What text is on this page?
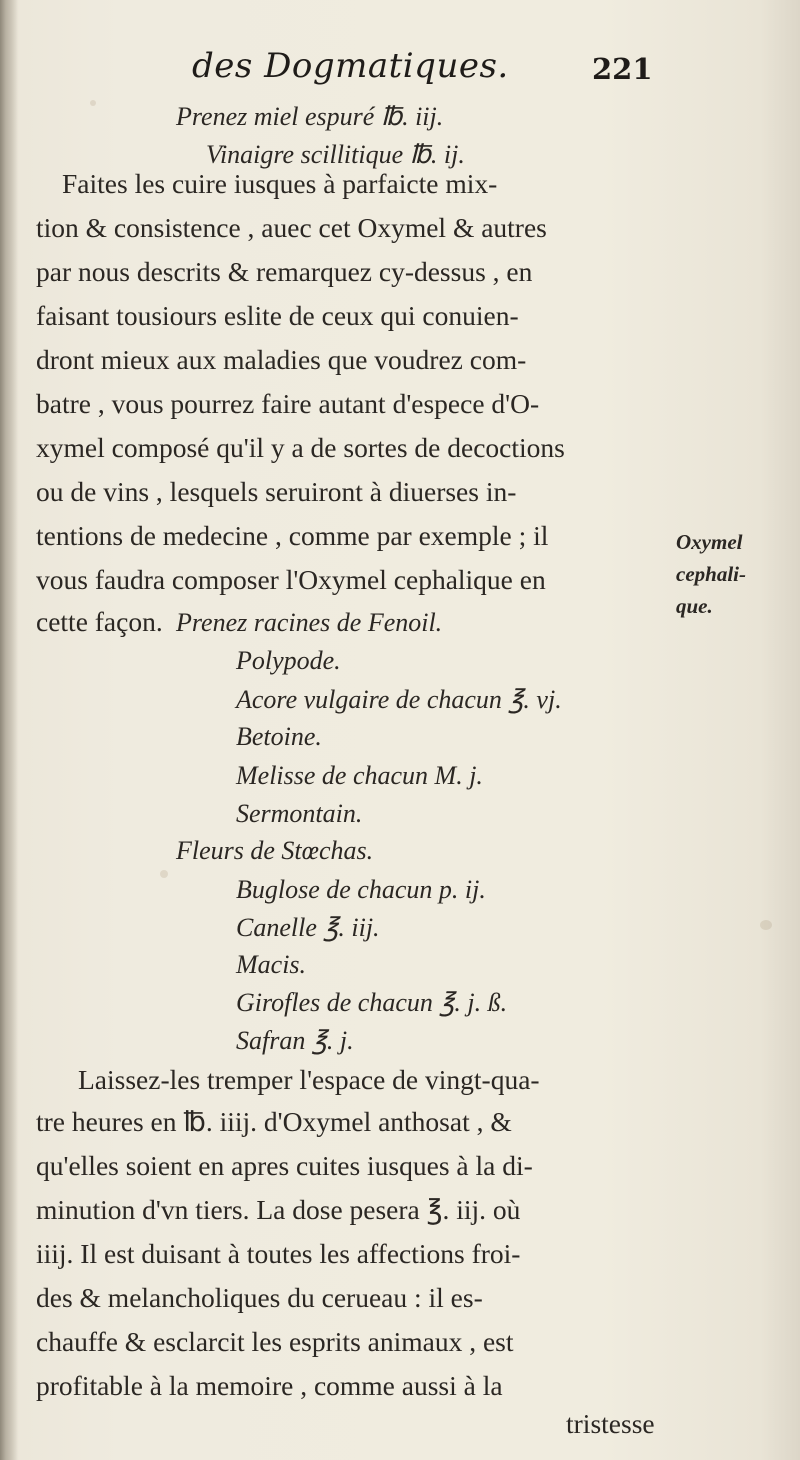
des Dogmatiques.	221
Prenez miel espuré ℔. iij.
Vinaigre scillitique ℔. ij.
Faites les cuire iusques à parfaicte mix-
tion & consistence , auec cet Oxymel & autres
par nous descrits & remarquez cy-dessus , en
faisant tousiours eslite de ceux qui conuien-
dront mieux aux maladies que voudrez com-
batre , vous pourrez faire autant d'espece d'O-
xymel composé qu'il y a de sortes de decoctions
ou de vins , lesquels seruiront à diuerses in-
tentions de medecine , comme par exemple ; il
vous faudra composer l'Oxymel cephalique en
cette façon.
Oxymel
cephali-
que.
Prenez racines de Fenoil.
Polypode.
Acore vulgaire de chacun ℥. vj.
Betoine.
Melisse de chacun M. j.
Sermontain.
Fleurs de Stœchas.
Buglose de chacun p. ij.
Canelle ℥. iij.
Macis.
Girofles de chacun ℥. j. ß.
Safran ℥. j.
Laissez-les tremper l'espace de vingt-qua-
tre heures en ℔. iiij. d'Oxymel anthosat , &
qu'elles soient en apres cuites iusques à la di-
minution d'vn tiers. La dose pesera ℥. iij. où
iiij. Il est duisant à toutes les affections froi-
des & melancholiques du cerueau : il es-
chauffe & esclarcit les esprits animaux , est
profitable à la memoire , comme aussi à la
tristesse
